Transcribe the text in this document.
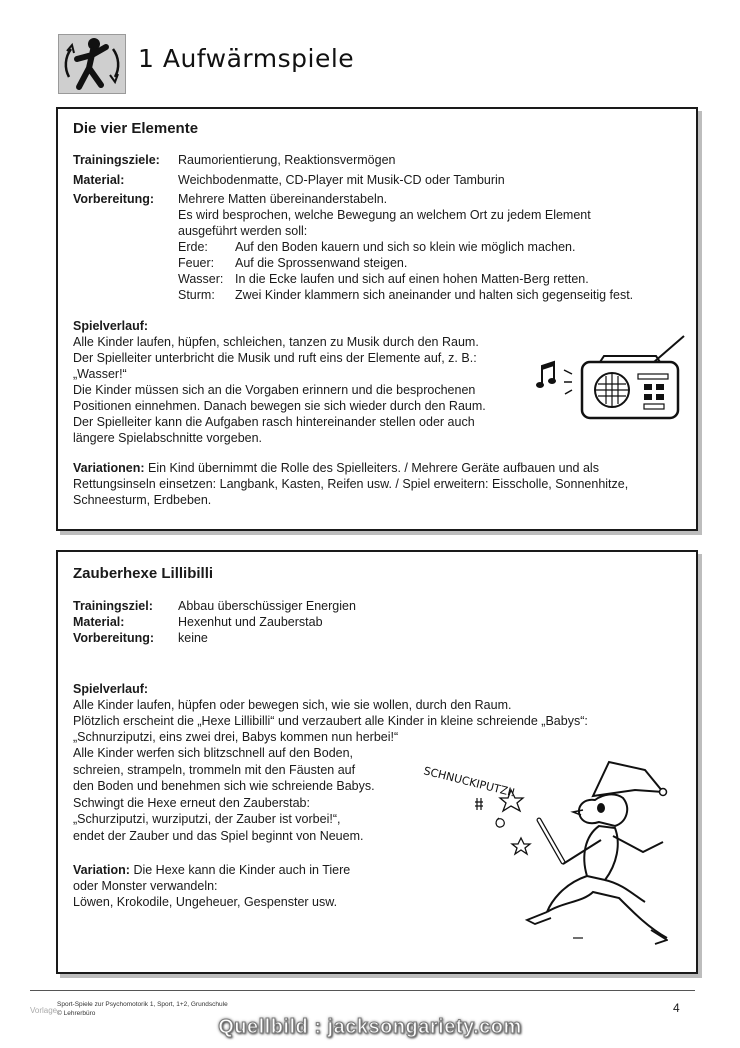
1 Aufwärmspiele
Die vier Elemente
Trainingsziele: Raumorientierung, Reaktionsvermögen
Material:	Weichbodenmatte, CD-Player mit Musik-CD oder Tamburin
Vorbereitung: Mehrere Matten übereinanderstabeln.
Es wird besprochen, welche Bewegung an welchem Ort zu jedem Element
ausgeführt werden soll:
Erde: Auf den Boden kauern und sich so klein wie möglich machen.
Feuer: Auf die Sprossenwand steigen.
Wasser: In die Ecke laufen und sich auf einen hohen Matten-Berg retten.
Sturm: Zwei Kinder klammern sich aneinander und halten sich gegenseitig fest.
Spielverlauf:
Alle Kinder laufen, hüpfen, schleichen, tanzen zu Musik durch den Raum.
Der Spielleiter unterbricht die Musik und ruft eins der Elemente auf, z. B.:
„Wasser!“
Die Kinder müssen sich an die Vorgaben erinnern und die besprochenen
Positionen einnehmen. Danach bewegen sie sich wieder durch den Raum.
Der Spielleiter kann die Aufgaben rasch hintereinander stellen oder auch
längere Spielabschnitte vorgeben.
Variationen: Ein Kind übernimmt die Rolle des Spielleiters. / Mehrere Geräte aufbauen und als
Rettungsinseln einsetzen: Langbank, Kasten, Reifen usw. / Spiel erweitern: Eisscholle, Sonnenhitze,
Schneesturm, Erdbeben.
Zauberhexe Lillibilli
Trainingsziel: Abbau überschüssiger Energien
Material:	Hexenhut und Zauberstab
Vorbereitung: keine
Spielverlauf:
Alle Kinder laufen, hüpfen oder bewegen sich, wie sie wollen, durch den Raum.
Plötzlich erscheint die „Hexe Lillibilli“ und verzaubert alle Kinder in kleine schreiende „Babys“:
„Schnurziputzi, eins zwei drei, Babys kommen nun herbei!“
Alle Kinder werfen sich blitzschnell auf den Boden,
schreien, strampeln, trommeln mit den Fäusten auf
den Boden und benehmen sich wie schreiende Babys.
Schwingt die Hexe erneut den Zauberstab:
„Schurziputzi, wurziputzi, der Zauber ist vorbei!“,
endet der Zauber und das Spiel beginnt von Neuem.
Variation: Die Hexe kann die Kinder auch in Tiere
oder Monster verwandeln:
Löwen, Krokodile, Ungeheuer, Gespenster usw.
SCHNUCKIPUTZI!
Sport-Spiele zur Psychomotorik 1, Sport, 1+2, Grundschule
© Lehrerbüro
Vorlage	4
Quellbild : jacksongariety.com
